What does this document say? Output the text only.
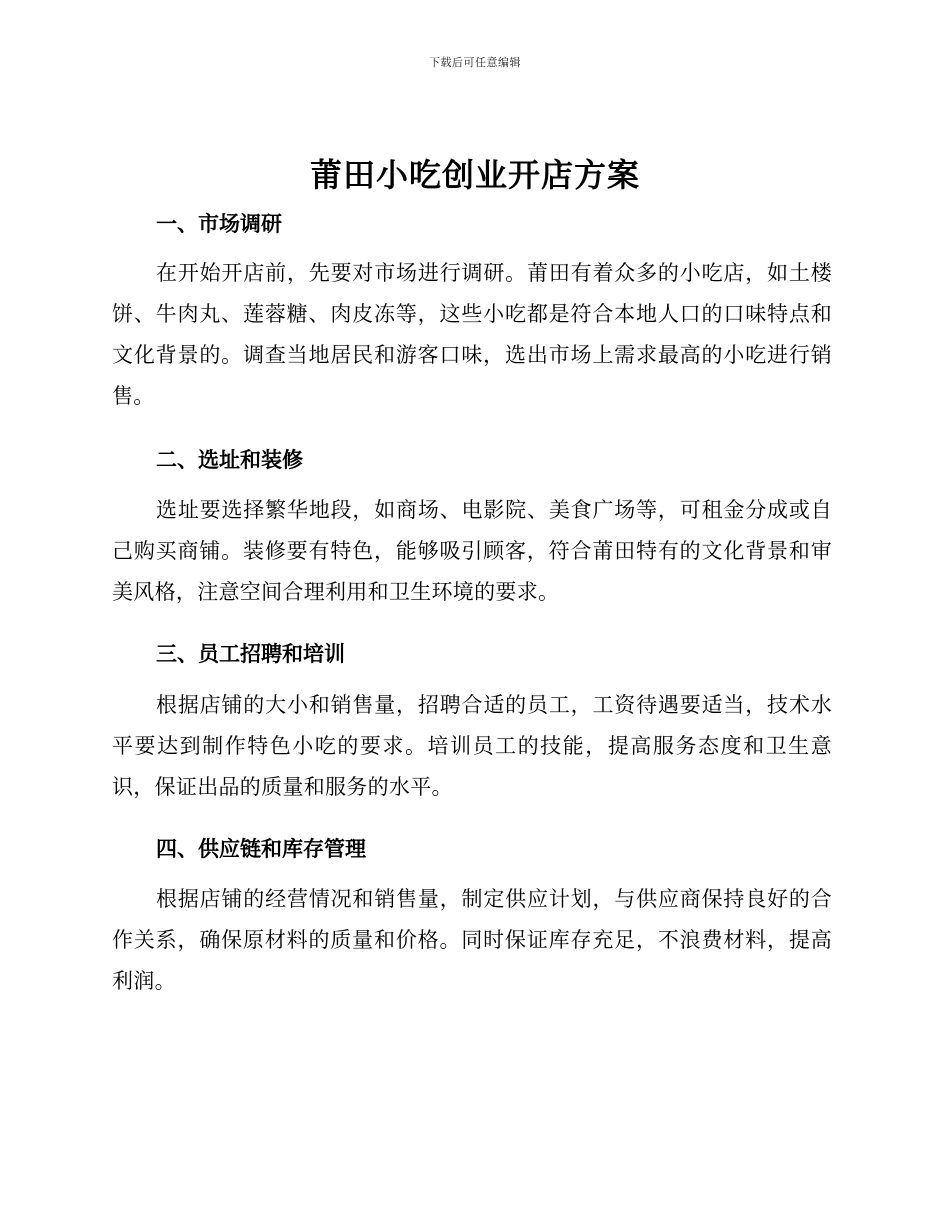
下载后可任意编辑
莆田小吃创业开店方案
一、市场调研

在开始开店前，先要对市场进行调研。莆田有着众多的小吃店，如土楼饼、牛肉丸、莲蓉糖、肉皮冻等，这些小吃都是符合本地人口的口味特点和文化背景的。调查当地居民和游客口味，选出市场上需求最高的小吃进行销售。

二、选址和装修

选址要选择繁华地段，如商场、电影院、美食广场等，可租金分成或自己购买商铺。装修要有特色，能够吸引顾客，符合莆田特有的文化背景和审美风格，注意空间合理利用和卫生环境的要求。

三、员工招聘和培训

根据店铺的大小和销售量，招聘合适的员工，工资待遇要适当，技术水平要达到制作特色小吃的要求。培训员工的技能，提高服务态度和卫生意识，保证出品的质量和服务的水平。

四、供应链和库存管理

根据店铺的经营情况和销售量，制定供应计划，与供应商保持良好的合作关系，确保原材料的质量和价格。同时保证库存充足，不浪费材料，提高利润。
